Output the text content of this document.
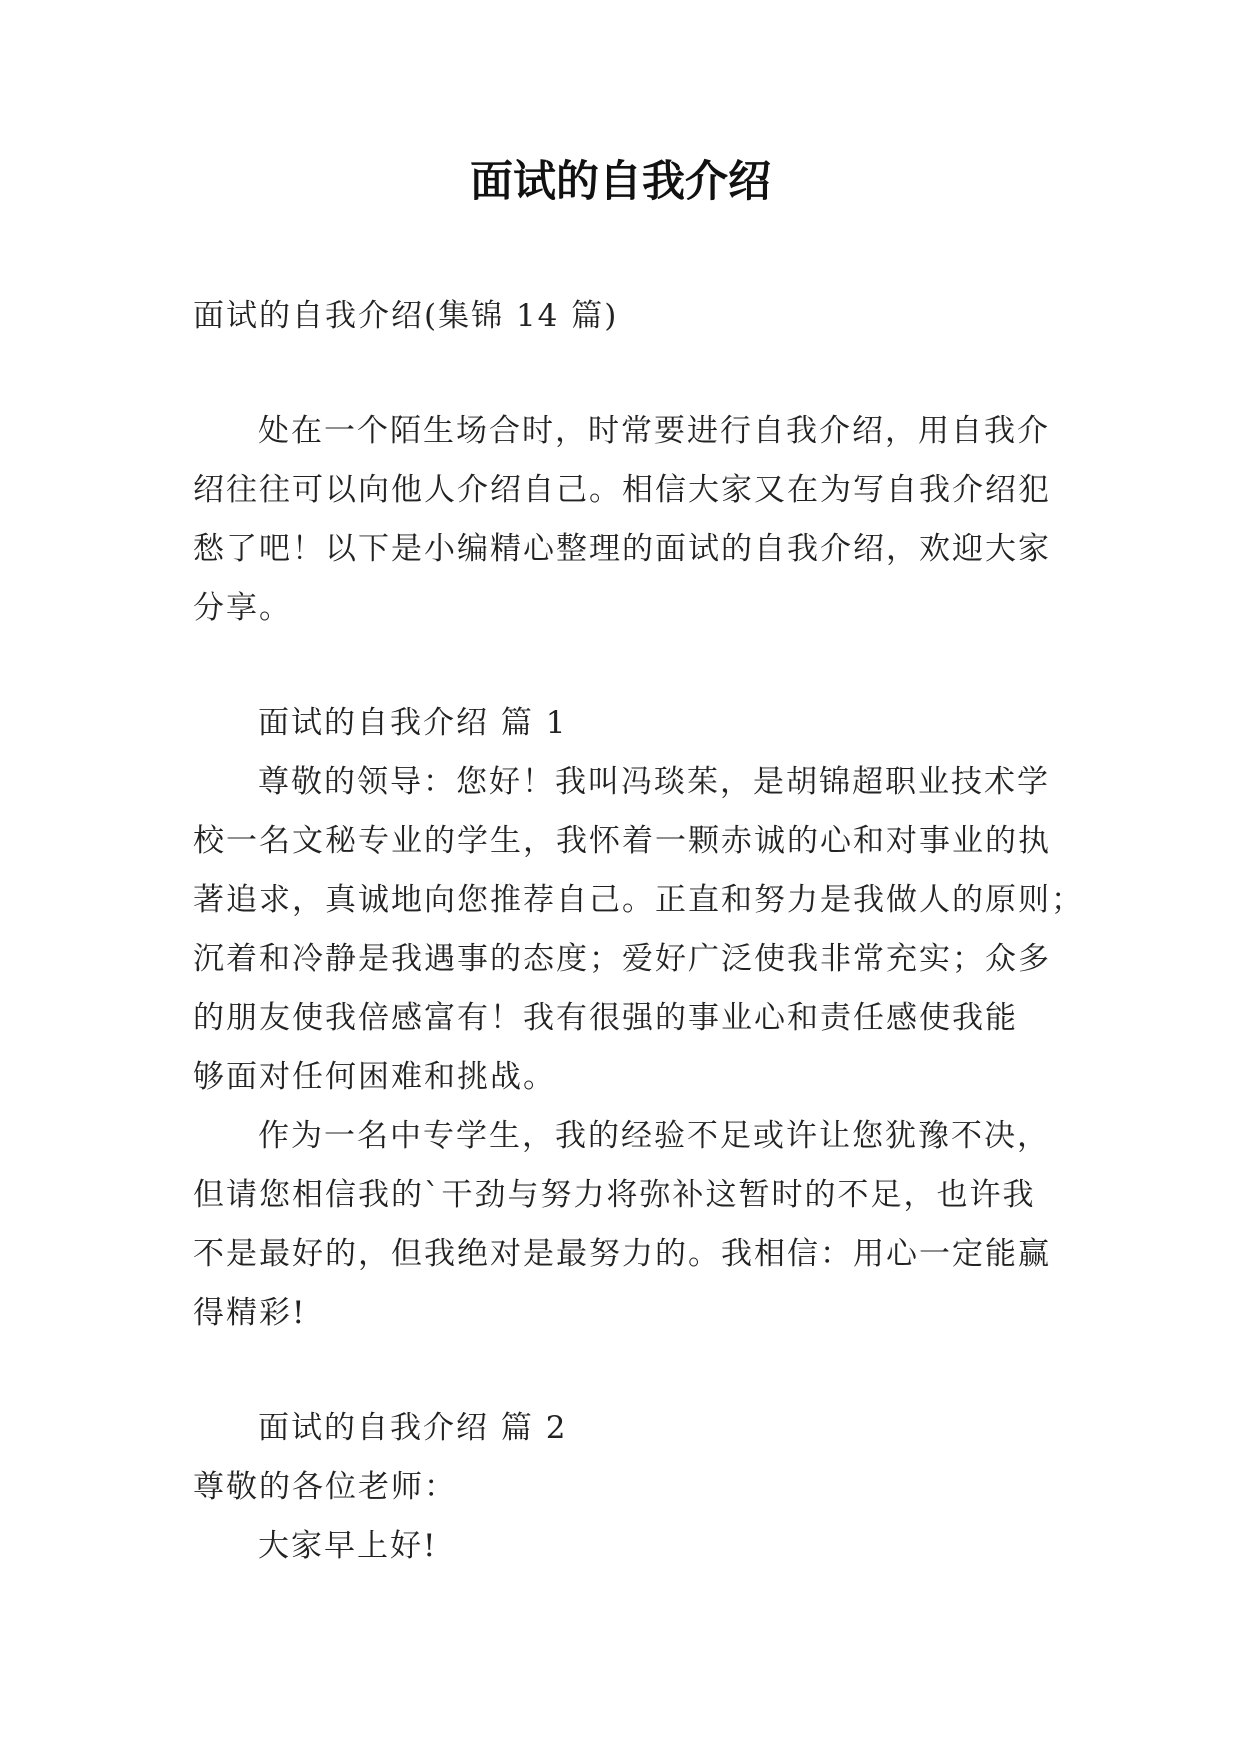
面试的自我介绍
面试的自我介绍(集锦 14 篇)
处在一个陌生场合时，时常要进行自我介绍，用自我介
绍往往可以向他人介绍自己。相信大家又在为写自我介绍犯
愁了吧！以下是小编精心整理的面试的自我介绍，欢迎大家
分享。
面试的自我介绍 篇 1
尊敬的领导：您好！我叫冯琰茱，是胡锦超职业技术学
校一名文秘专业的学生，我怀着一颗赤诚的心和对事业的执
著追求，真诚地向您推荐自己。正直和努力是我做人的原则；
沉着和冷静是我遇事的态度；爱好广泛使我非常充实；众多
的朋友使我倍感富有！我有很强的事业心和责任感使我能
够面对任何困难和挑战。
作为一名中专学生，我的经验不足或许让您犹豫不决，
但请您相信我的`干劲与努力将弥补这暂时的不足，也许我
不是最好的，但我绝对是最努力的。我相信：用心一定能赢
得精彩!
面试的自我介绍 篇 2
尊敬的各位老师：
大家早上好!
